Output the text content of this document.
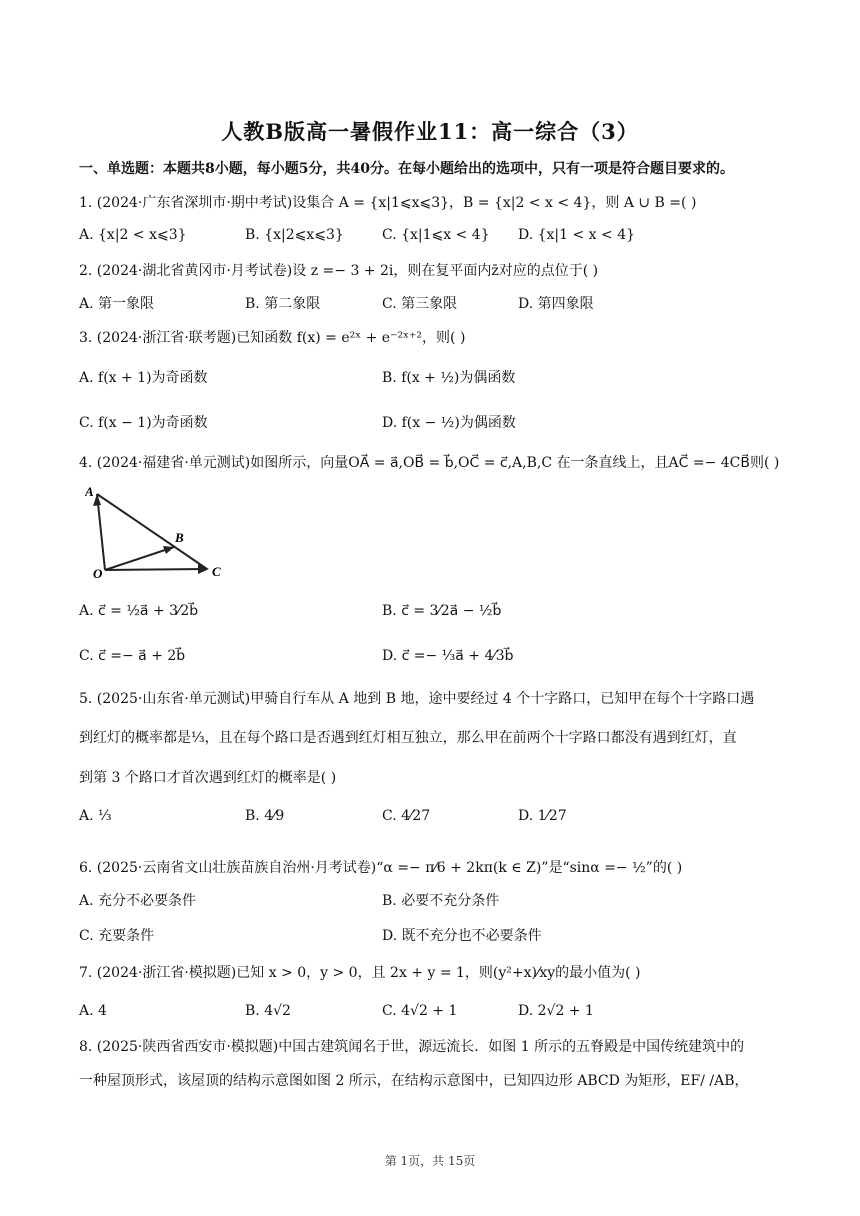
人教B版高一暑假作业11：高一综合（3）
一、单选题：本题共8小题，每小题5分，共40分。在每小题给出的选项中，只有一项是符合题目要求的。
1. (2024·广东省深圳市·期中考试)设集合 A = {x|1⩽x⩽3}，B = {x|2 < x < 4}，则 A ∪ B =( )
A. {x|2 < x⩽3}	B. {x|2⩽x⩽3}	C. {x|1⩽x < 4} D. {x|1 < x < 4}
2. (2024·湖北省黄冈市·月考试卷)设 z =− 3 + 2i，则在复平面内z̄对应的点位于( )
A. 第一象限	B. 第二象限	C. 第三象限	D. 第四象限
3. (2024·浙江省·联考题)已知函数 f(x) = e²ˣ + e⁻²ˣ⁺²，则( )
A. f(x + 1)为奇函数	B. f(x + ½)为偶函数
C. f(x − 1)为奇函数	D. f(x − ½)为偶函数
4. (2024·福建省·单元测试)如图所示，向量OA⃗ = a⃗,OB⃗ = b⃗,OC⃗ = c⃗,A,B,C 在一条直线上，且AC⃗ =− 4CB⃗则( )
A
B
O	C
A. c⃗ = ½a⃗ + 3⁄2b⃗	B. c⃗ = 3⁄2a⃗ − ½b⃗
C. c⃗ =− a⃗ + 2b⃗	D. c⃗ =− ⅓a⃗ + 4⁄3b⃗
5. (2025·山东省·单元测试)甲骑自行车从 A 地到 B 地，途中要经过 4 个十字路口，已知甲在每个十字路口遇
到红灯的概率都是⅓，且在每个路口是否遇到红灯相互独立，那么甲在前两个十字路口都没有遇到红灯，直
到第 3 个路口才首次遇到红灯的概率是( )
A. ⅓	B. 4⁄9	C. 4⁄27	D. 1⁄27
6. (2025·云南省文山壮族苗族自治州·月考试卷)“α =− π⁄6 + 2kπ(k ∈ Z)”是“sinα =− ½”的( )
A. 充分不必要条件	B. 必要不充分条件
C. 充要条件	D. 既不充分也不必要条件
7. (2024·浙江省·模拟题)已知 x > 0，y > 0，且 2x + y = 1，则(y²+x)⁄xy的最小值为( )
A. 4	B. 4√2	C. 4√2 + 1	D. 2√2 + 1
8. (2025·陕西省西安市·模拟题)中国古建筑闻名于世，源远流长．如图 1 所示的五脊殿是中国传统建筑中的
一种屋顶形式，该屋顶的结构示意图如图 2 所示，在结构示意图中，已知四边形 ABCD 为矩形，EF/ /AB，
第 1页，共 15页
